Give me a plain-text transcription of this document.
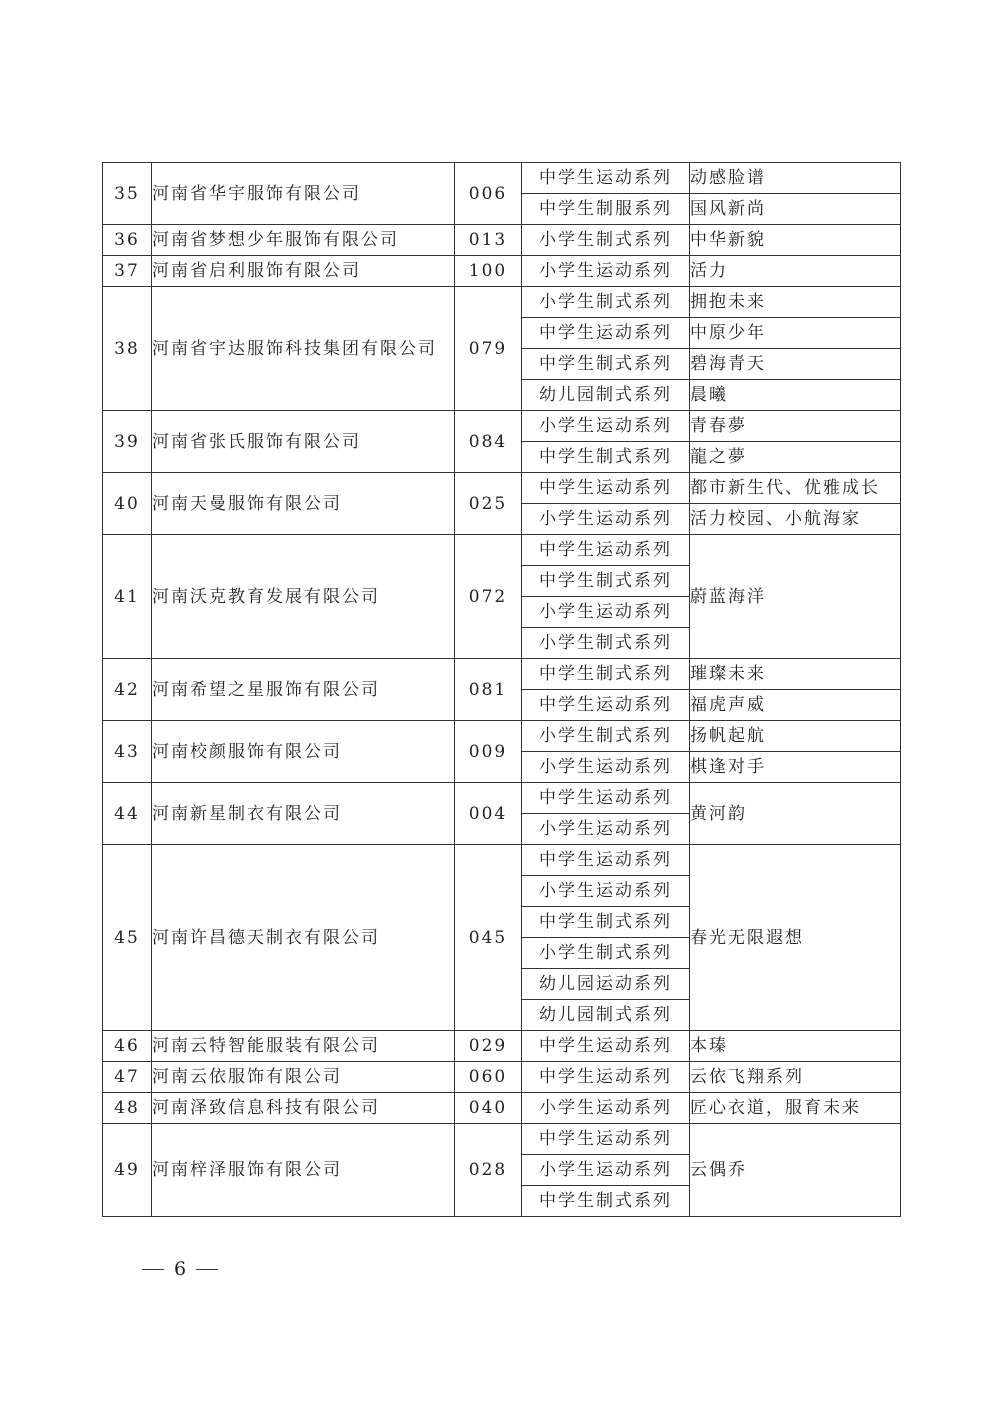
35	河南省华宇服饰有限公司	006	中学生运动系列	动感脸谱
			中学生制服系列	国风新尚
36	河南省梦想少年服饰有限公司	013	小学生制式系列	中华新貌
37	河南省启利服饰有限公司	100	小学生运动系列	活力
38	河南省宇达服饰科技集团有限公司	079	小学生制式系列	拥抱未来
			中学生运动系列	中原少年
			中学生制式系列	碧海青天
			幼儿园制式系列	晨曦
39	河南省张氏服饰有限公司	084	小学生运动系列	青春夢
			中学生制式系列	龍之夢
40	河南天曼服饰有限公司	025	中学生运动系列	都市新生代、优雅成长
			小学生运动系列	活力校园、小航海家
41	河南沃克教育发展有限公司	072	中学生运动系列	蔚蓝海洋
			中学生制式系列	
			小学生运动系列	
			小学生制式系列	
42	河南希望之星服饰有限公司	081	中学生制式系列	璀璨未来
			中学生运动系列	福虎声威
43	河南校颜服饰有限公司	009	小学生制式系列	扬帆起航
			小学生运动系列	棋逢对手
44	河南新星制衣有限公司	004	中学生运动系列	黄河韵
			小学生运动系列	
45	河南许昌德天制衣有限公司	045	中学生运动系列	春光无限遐想
			小学生运动系列	
			中学生制式系列	
			小学生制式系列	
			幼儿园运动系列	
			幼儿园制式系列	
46	河南云特智能服装有限公司	029	中学生运动系列	本瑧
47	河南云依服饰有限公司	060	中学生运动系列	云依飞翔系列
48	河南泽致信息科技有限公司	040	小学生运动系列	匠心衣道，服育未来
49	河南梓泽服饰有限公司	028	中学生运动系列	云偶乔
			小学生运动系列	
			中学生制式系列	
6
